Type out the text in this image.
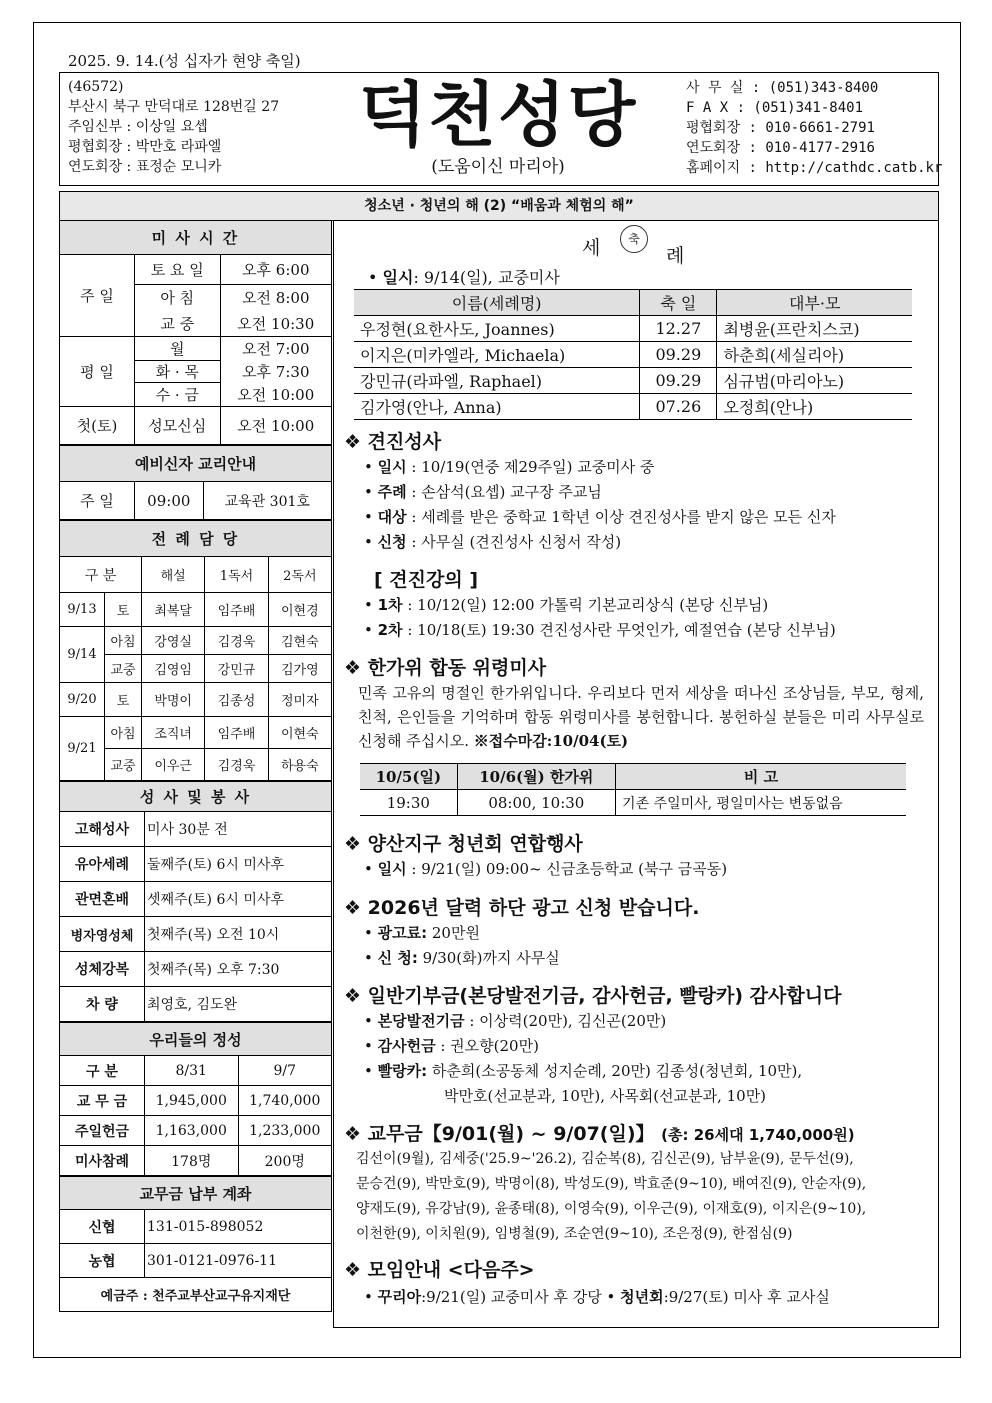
2025. 9. 14.(성 십자가 현양 축일)
(46572)
부산시 북구 만덕대로 128번길 27
주임신부 : 이상일 요셉
평협회장 : 박만호 라파엘
연도회장 : 표정순 모니카
덕천성당
(도움이신 마리아)
사 무 실 : (051)343-8400
F A X : (051)341-8401
평협회장 : 010-6661-2791
연도회장 : 010-4177-2916
홈페이지 : http://cathdc.catb.kr
청소년 · 청년의 해 (2) “배움과 체험의 해”
미 사 시 간		
주 일	토 요 일	오후 6:00
	아 침	오전 8:00
	교 중	오전 10:30
평 일	월	오전 7:00
	화 · 목	오후 7:30
	수 · 금	오전 10:00
첫(토)	성모신심	오전 10:00
예비신자 교리안내
주 일	09:00	교육관 301호
전 례 담 당				
구 분		해설	1독서	2독서
9/13	토	최복달	임주배	이현경
9/14	아침	강영실	김경욱	김현숙
	교중	김영임	강민규	김가영
9/20	토	박명이	김종성	정미자
9/21	아침	조직녀	임주배	이현숙
	교중	이우근	김경욱	하용숙
성 사 및 봉 사	
고해성사	미사 30분 전
유아세례	둘째주(토) 6시 미사후
관면혼배	셋째주(토) 6시 미사후
병자영성체	첫째주(목) 오전 10시
성체강복	첫째주(목) 오후 7:30
차 량	최영호, 김도완
우리들의 정성		
구 분	8/31	9/7
교 무 금	1,945,000	1,740,000
주일헌금	1,163,000	1,233,000
미사참례	178명	200명
교무금 납부 계좌	
신협	131-015-898052
농협	301-0121-0976-11
예금주 : 천주교부산교구유지재단	
세	축
례
• 일시: 9/14(일), 교중미사
이름(세례명)	축 일	대부·모
우정현(요한사도, Joannes)	12.27	최병윤(프란치스코)
이지은(미카엘라, Michaela)	09.29	하춘희(세실리아)
강민규(라파엘, Raphael)	09.29	심규범(마리아노)
김가영(안나, Anna)	07.26	오정희(안나)
❖ 견진성사
• 일시 : 10/19(연중 제29주일) 교중미사 중
• 주례 : 손삼석(요셉) 교구장 주교님
• 대상 : 세례를 받은 중학교 1학년 이상 견진성사를 받지 않은 모든 신자
• 신청 : 사무실 (견진성사 신청서 작성)
[ 견진강의 ]
• 1차 : 10/12(일) 12:00 가톨릭 기본교리상식 (본당 신부님)
• 2차 : 10/18(토) 19:30 견진성사란 무엇인가, 예절연습 (본당 신부님)
❖ 한가위 합동 위령미사
민족 고유의 명절인 한가위입니다. 우리보다 먼저 세상을 떠나신 조상님들, 부모, 형제, 친척, 은인들을 기억하며 합동 위령미사를 봉헌합니다. 봉헌하실 분들은 미리 사무실로 신청해 주십시오. ※접수마감:10/04(토)
10/5(일)	10/6(월) 한가위	비 고
19:30	08:00, 10:30	기존 주일미사, 평일미사는 변동없음
❖ 양산지구 청년회 연합행사
• 일시 : 9/21(일) 09:00~ 신금초등학교 (북구 금곡동)
❖ 2026년 달력 하단 광고 신청 받습니다.
• 광고료: 20만원
• 신 청: 9/30(화)까지 사무실
❖ 일반기부금(본당발전기금, 감사헌금, 빨랑카) 감사합니다
• 본당발전기금 : 이상력(20만), 김신곤(20만)
• 감사헌금 : 권오향(20만)
• 빨랑카: 하춘희(소공동체 성지순례, 20만) 김종성(청년회, 10만),
박만호(선교분과, 10만), 사목회(선교분과, 10만)
❖ 교무금【9/01(월) ~ 9/07(일)】 (총: 26세대 1,740,000원)
김선이(9월), 김세중('25.9~'26.2), 김순복(8), 김신곤(9), 남부윤(9), 문두선(9),
문승건(9), 박만호(9), 박명이(8), 박성도(9), 박효준(9~10), 배여진(9), 안순자(9),
양재도(9), 유강남(9), 윤종태(8), 이영숙(9), 이우근(9), 이재호(9), 이지은(9~10),
이천한(9), 이치원(9), 임병철(9), 조순연(9~10), 조은정(9), 한점심(9)
❖ 모임안내 <다음주>
• 꾸리아:9/21(일) 교중미사 후 강당 • 청년회:9/27(토) 미사 후 교사실
